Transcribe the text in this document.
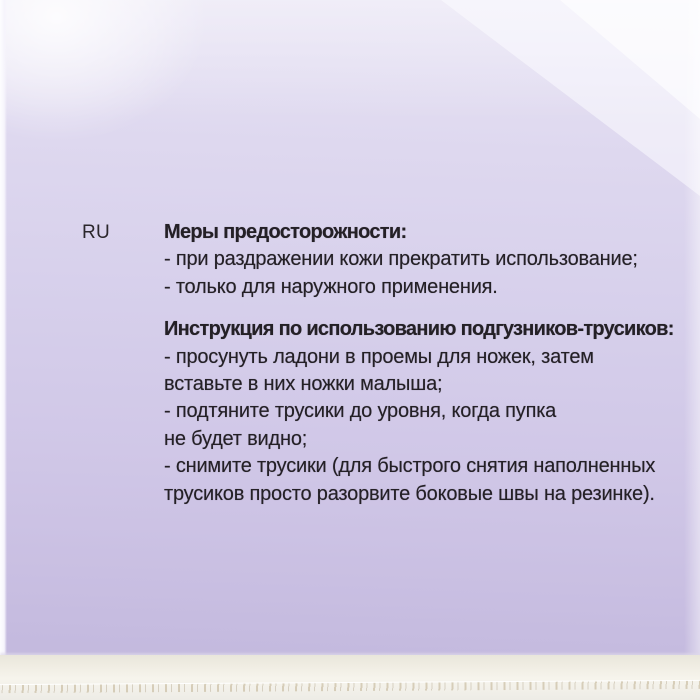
RU	Меры предосторожности:
- при раздражении кожи прекратить использование;
- только для наружного применения.
Инструкция по использованию подгузников-трусиков:
- просунуть ладони в проемы для ножек, затем
вставьте в них ножки малыша;
- подтяните трусики до уровня, когда пупка
не будет видно;
- снимите трусики (для быстрого снятия наполненных
трусиков просто разорвите боковые швы на резинке).
